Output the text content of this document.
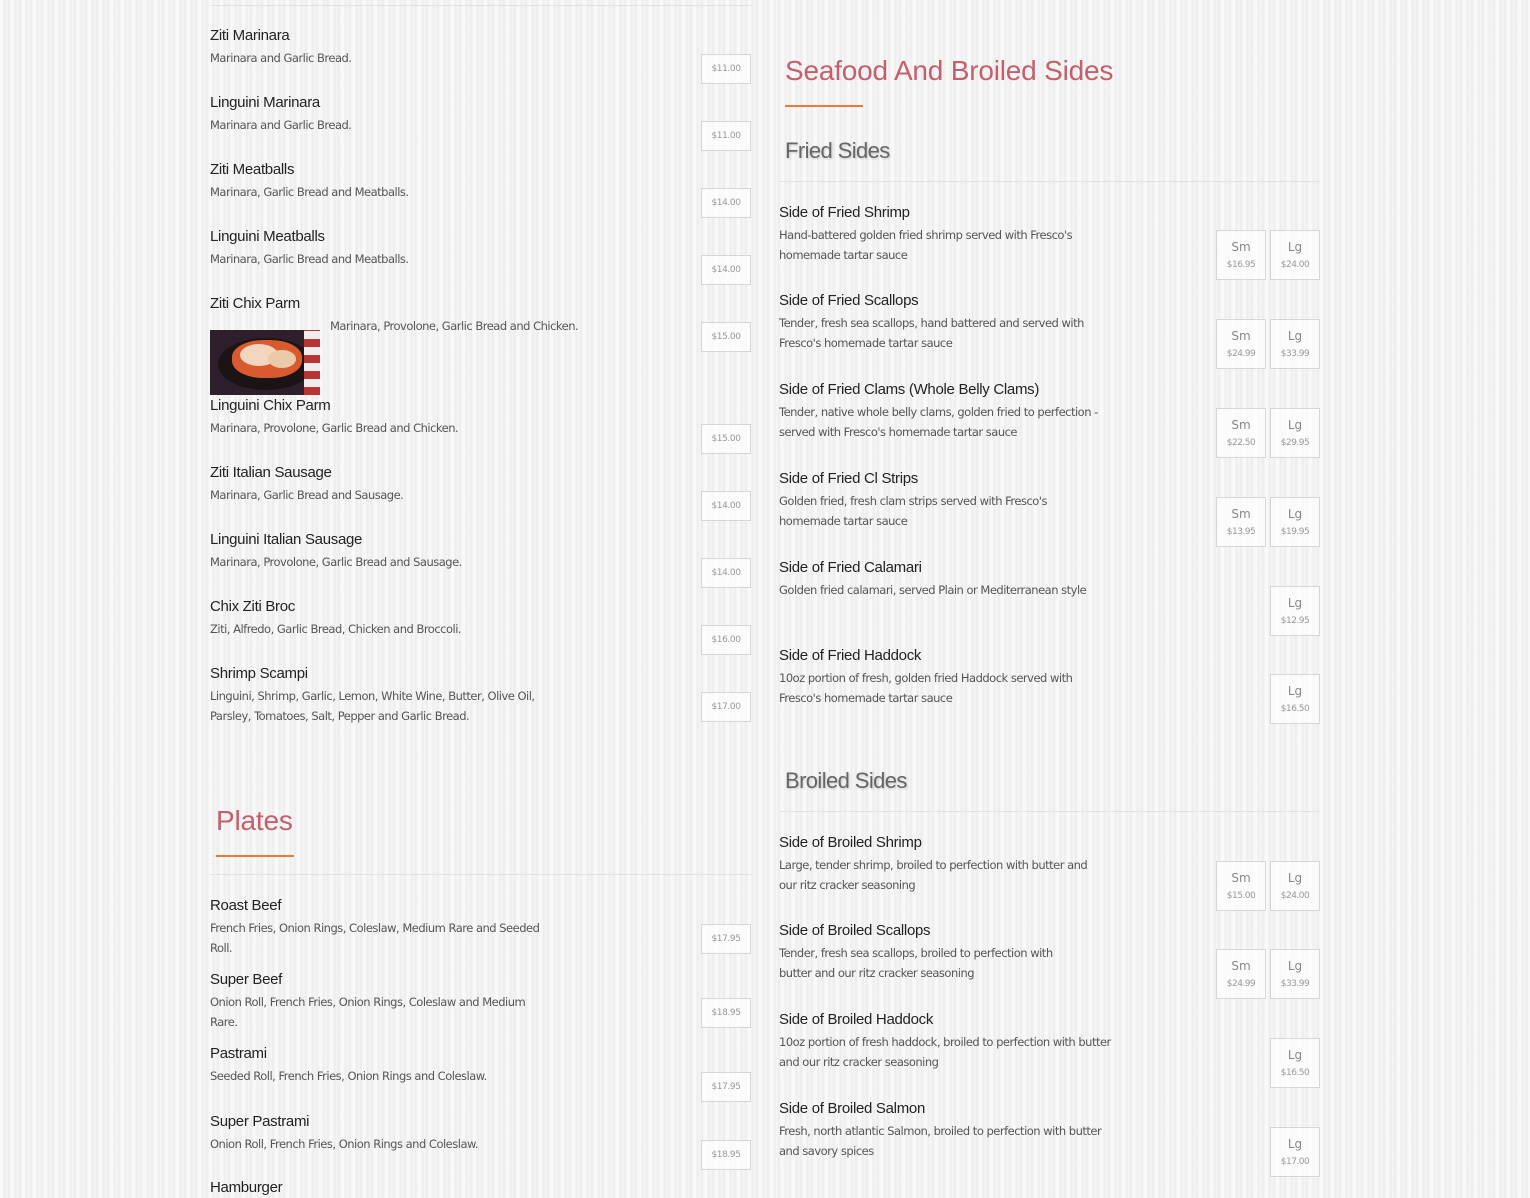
Ziti Marinara
Marinara and Garlic Bread.
$11.00
Linguini Marinara
Marinara and Garlic Bread.
$11.00
Ziti Meatballs
Marinara, Garlic Bread and Meatballs.
$14.00
Linguini Meatballs
Marinara, Garlic Bread and Meatballs.
$14.00
Ziti Chix Parm
Marinara, Provolone, Garlic Bread and Chicken.
$15.00
Linguini Chix Parm
Marinara, Provolone, Garlic Bread and Chicken.
$15.00
Ziti Italian Sausage
Marinara, Garlic Bread and Sausage.
$14.00
Linguini Italian Sausage
Marinara, Provolone, Garlic Bread and Sausage.
$14.00
Chix Ziti Broc
Ziti, Alfredo, Garlic Bread, Chicken and Broccoli.
$16.00
Shrimp Scampi
Linguini, Shrimp, Garlic, Lemon, White Wine, Butter, Olive Oil, Parsley, Tomatoes, Salt, Pepper and Garlic Bread.
$17.00
Plates
Roast Beef
French Fries, Onion Rings, Coleslaw, Medium Rare and Seeded Roll.
$17.95
Super Beef
Onion Roll, French Fries, Onion Rings, Coleslaw and Medium Rare.
$18.95
Pastrami
Seeded Roll, French Fries, Onion Rings and Coleslaw.
$17.95
Super Pastrami
Onion Roll, French Fries, Onion Rings and Coleslaw.
$18.95
Hamburger
Seafood And Broiled Sides
Fried Sides
Side of Fried Shrimp
Hand-battered golden fried shrimp served with Fresco's homemade tartar sauce
Sm
$16.95
Lg
$24.00
Side of Fried Scallops
Tender, fresh sea scallops, hand battered and served with Fresco's homemade tartar sauce	Sm
$24.99
Lg
$33.99
Side of Fried Clams (Whole Belly Clams)
Tender, native whole belly clams, golden fried to perfection - served with Fresco's homemade tartar sauce	Sm
$22.50
Lg
$29.95
Side of Fried Cl Strips
Golden fried, fresh clam strips served with Fresco's homemade tartar sauce	Sm
$13.95
Lg
$19.95
Side of Fried Calamari
Golden fried calamari, served Plain or Mediterranean style
Lg
$12.95
Side of Fried Haddock
10oz portion of fresh, golden fried Haddock served with Fresco's homemade tartar sauce	Lg
$16.50
Broiled Sides
Side of Broiled Shrimp
Large, tender shrimp, broiled to perfection with butter and our ritz cracker seasoning	Sm
$15.00
Lg
$24.00
Side of Broiled Scallops
Tender, fresh sea scallops, broiled to perfection with butter and our ritz cracker seasoning	Sm
$24.99
Lg
$33.99
Side of Broiled Haddock
10oz portion of fresh haddock, broiled to perfection with butter and our ritz cracker seasoning	Lg
$16.50
Side of Broiled Salmon
Fresh, north atlantic Salmon, broiled to perfection with butter and savory spices	Lg
$17.00
